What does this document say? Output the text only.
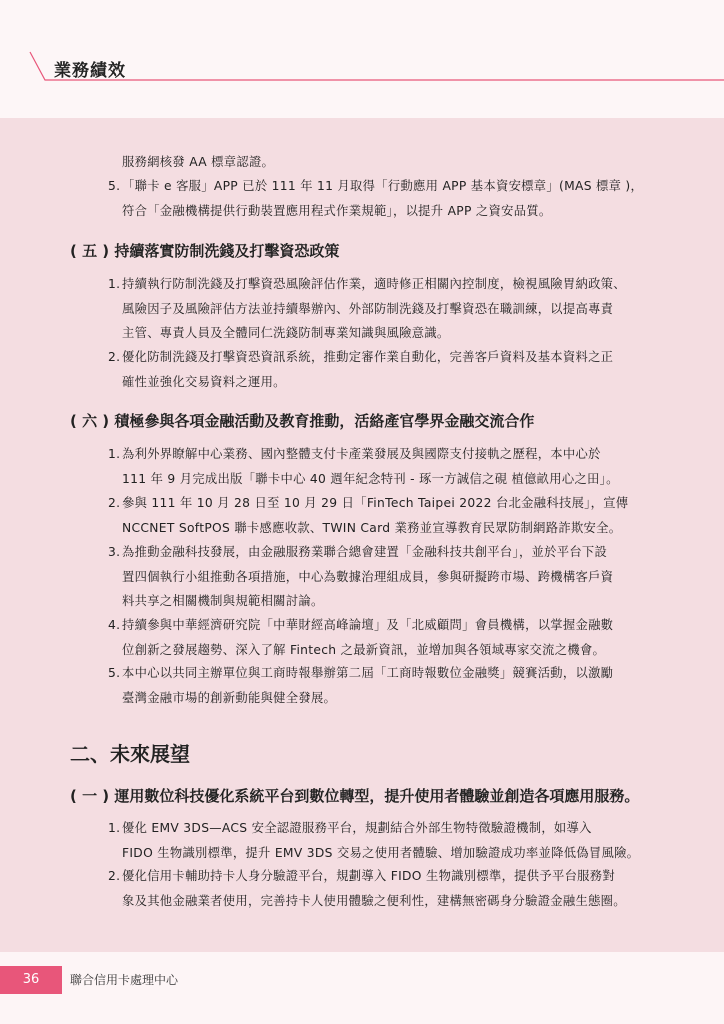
業務績效
服務網核發 AA 標章認證。
5. 「聯卡 e 客服」APP 已於 111 年 11 月取得「行動應用 APP 基本資安標章」(MAS 標章 )，
符合「金融機構提供行動裝置應用程式作業規範」，以提升 APP 之資安品質。
( 五 ) 持續落實防制洗錢及打擊資恐政策
1. 持續執行防制洗錢及打擊資恐風險評估作業，適時修正相關內控制度，檢視風險胃納政策、
風險因子及風險評估方法並持續舉辦內、外部防制洗錢及打擊資恐在職訓練，以提高專責
主管、專責人員及全體同仁洗錢防制專業知識與風險意識。
2. 優化防制洗錢及打擊資恐資訊系統，推動定審作業自動化，完善客戶資料及基本資料之正
確性並強化交易資料之運用。
( 六 ) 積極參與各項金融活動及教育推動，活絡產官學界金融交流合作
1. 為利外界瞭解中心業務、國內整體支付卡產業發展及與國際支付接軌之歷程，本中心於
111 年 9 月完成出版「聯卡中心 40 週年紀念特刊 - 琢一方誠信之硯 植億畝用心之田」。
2. 參與 111 年 10 月 28 日至 10 月 29 日「FinTech Taipei 2022 台北金融科技展」，宣傳
NCCNET SoftPOS 聯卡感應收款、TWIN Card 業務並宣導教育民眾防制網路詐欺安全。
3. 為推動金融科技發展，由金融服務業聯合總會建置「金融科技共創平台」，並於平台下設
置四個執行小組推動各項措施，中心為數據治理組成員，參與研擬跨市場、跨機構客戶資
料共享之相關機制與規範相關討論。
4. 持續參與中華經濟研究院「中華財經高峰論壇」及「北威顧問」會員機構，以掌握金融數
位創新之發展趨勢、深入了解 Fintech 之最新資訊，並增加與各領域專家交流之機會。
5. 本中心以共同主辦單位與工商時報舉辦第二屆「工商時報數位金融獎」競賽活動，以激勵
臺灣金融市場的創新動能與健全發展。
二、未來展望
( 一 ) 運用數位科技優化系統平台到數位轉型，提升使用者體驗並創造各項應用服務。
1. 優化 EMV 3DS—ACS 安全認證服務平台，規劃結合外部生物特徵驗證機制，如導入
FIDO 生物識別標準，提升 EMV 3DS 交易之使用者體驗、增加驗證成功率並降低偽冒風險。
2. 優化信用卡輔助持卡人身分驗證平台，規劃導入 FIDO 生物識別標準，提供予平台服務對
象及其他金融業者使用，完善持卡人使用體驗之便利性，建構無密碼身分驗證金融生態圈。
36	聯合信用卡處理中心
